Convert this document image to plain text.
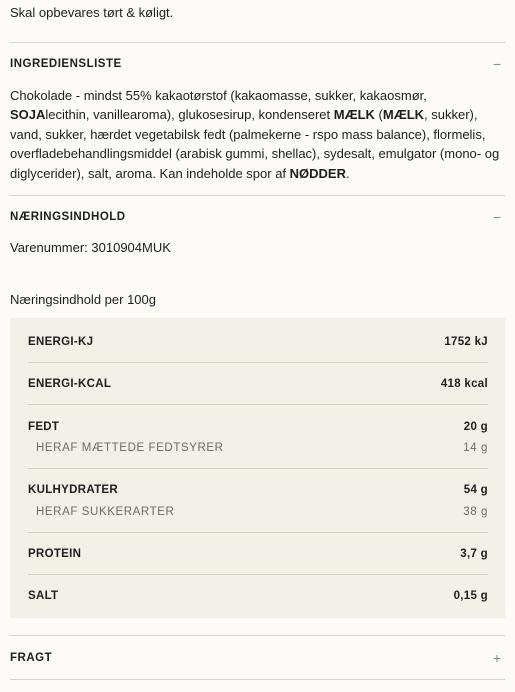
Skal opbevares tørt & køligt.
INGREDIENSLISTE	−
Chokolade - mindst 55% kakaotørstof (kakaomasse, sukker, kakaosmør, SOJAlecithin, vanillearoma), glukosesirup, kondenseret MÆLK (MÆLK, sukker), vand, sukker, hærdet vegetabilsk fedt (palmekerne - rspo mass balance), flormelis, overfladebehandlingsmiddel (arabisk gummi, shellac), sydesalt, emulgator (mono- og diglycerider), salt, aroma. Kan indeholde spor af NØDDER.
NÆRINGSINDHOLD	−
Varenummer: 3010904MUK
Næringsindhold per 100g
ENERGI-KJ	1752 kJ
ENERGI-KCAL	418 kcal
FEDT	20 g
HERAF MÆTTEDE FEDTSYRER	14 g
KULHYDRATER	54 g
HERAF SUKKERARTER	38 g
PROTEIN	3,7 g
SALT	0,15 g
FRAGT	+
